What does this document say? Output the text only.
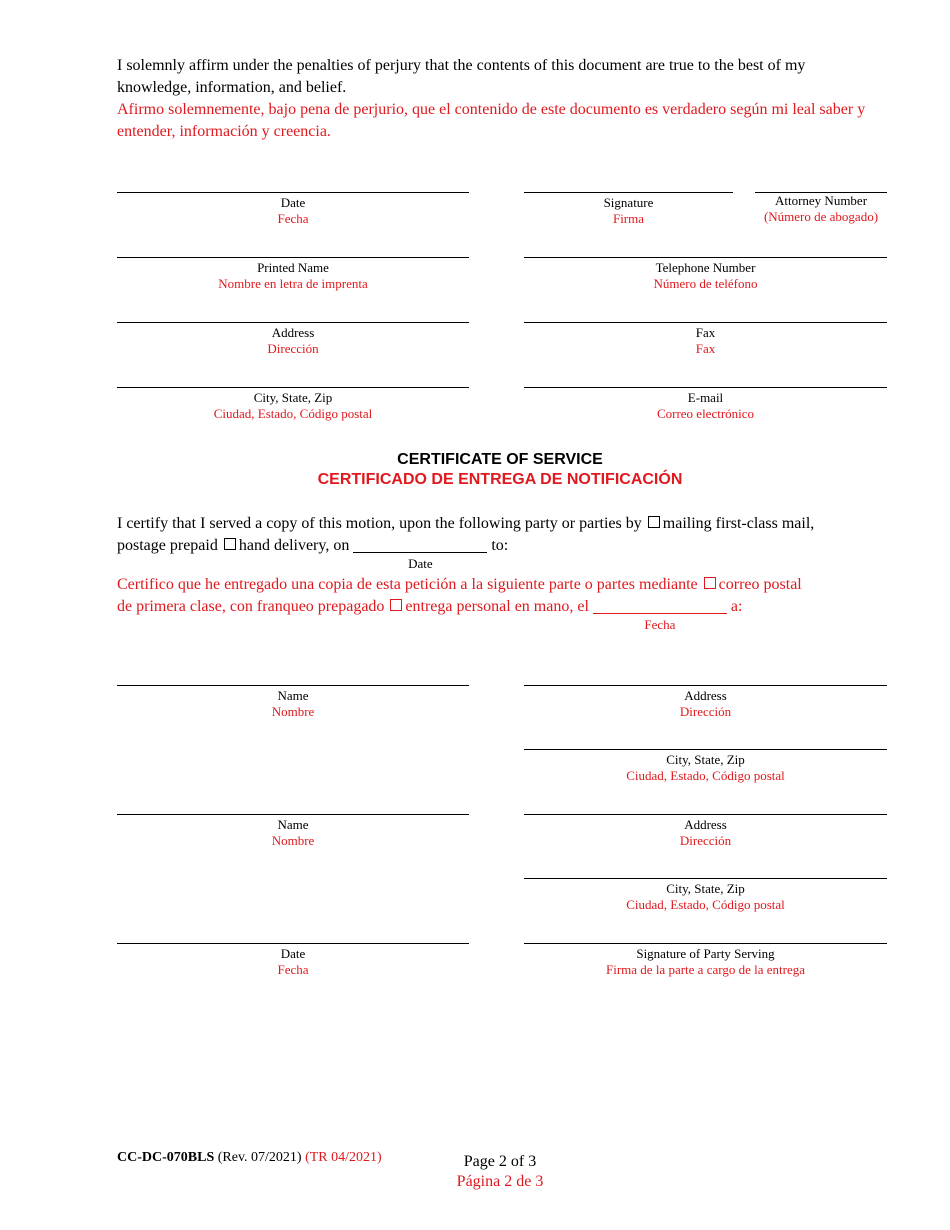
I solemnly affirm under the penalties of perjury that the contents of this document are true to the best of my knowledge, information, and belief.

Afirmo solemnemente, bajo pena de perjurio, que el contenido de este documento es verdadero según mi leal saber y entender, información y creencia.

Date
Fecha
Signature
Firma
Attorney Number
(Número de abogado)
Printed Name
Nombre en letra de imprenta
Telephone Number
Número de teléfono
Address
Dirección
Fax
Fax
City, State, Zip
Ciudad, Estado, Código postal
E-mail
Correo electrónico
CERTIFICATE OF SERVICE
CERTIFICADO DE ENTREGA DE NOTIFICACIÓN
I certify that I served a copy of this motion, upon the following party or parties by mailing first-class mail,
postage prepaid hand delivery, on
Date
to:
Certifico que he entregado una copia de esta petición a la siguiente parte o partes mediante correo postal
de primera clase, con franqueo prepagado entrega personal en mano, el
Fecha
a:
Name
Nombre
Address
Dirección
City, State, Zip
Ciudad, Estado, Código postal
Name
Nombre
Address
Dirección
City, State, Zip
Ciudad, Estado, Código postal
Date
Fecha
Signature of Party Serving
Firma de la parte a cargo de la entrega
CC-DC-070BLS (Rev. 07/2021) (TR 04/2021)	Page 2 of 3
Página 2 de 3
